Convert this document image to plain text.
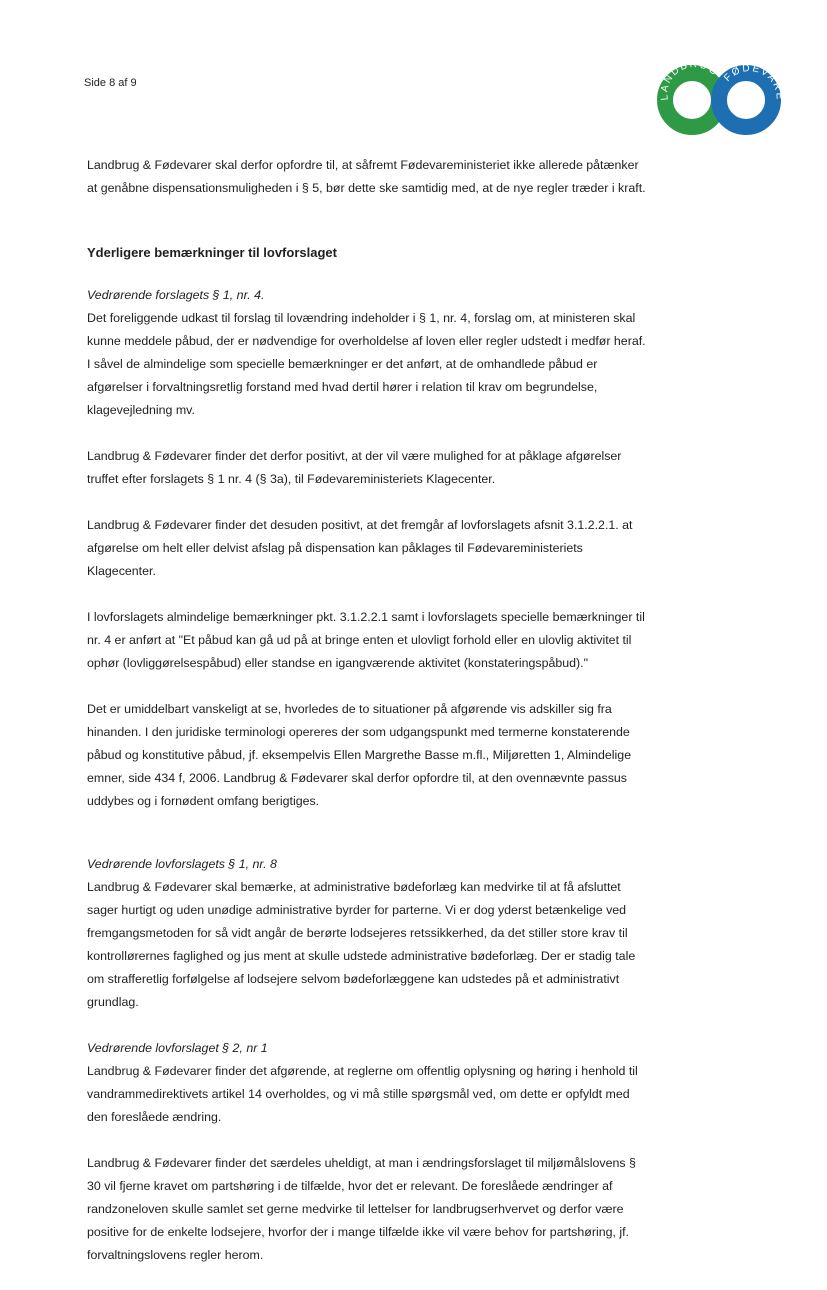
Side 8 af 9
LANDBRUG FØDEVA

Landbrug & Fødevarer skal derfor opfordre til, at såfremt Fødevareministeriet ikke allerede påtænker at genåbne dispensationsmuligheden i § 5, bør dette ske samtidig med, at de nye regler træder i kraft.

Yderligere bemærkninger til lovforslaget
Vedrørende forslagets § 1, nr. 4.

Det foreliggende udkast til forslag til lovændring indeholder i § 1, nr. 4, forslag om, at ministeren skal kunne meddele påbud, der er nødvendige for overholdelse af loven eller regler udstedt i medfør heraf. I såvel de almindelige som specielle bemærkninger er det anført, at de omhandlede påbud er afgørelser i forvaltningsretlig forstand med hvad dertil hører i relation til krav om begrundelse, klagevejledning mv.

Landbrug & Fødevarer finder det derfor positivt, at der vil være mulighed for at påklage afgørelser truffet efter forslagets § 1 nr. 4 (§ 3a), til Fødevareministeriets Klagecenter.

Landbrug & Fødevarer finder det desuden positivt, at det fremgår af lovforslagets afsnit 3.1.2.2.1. at afgørelse om helt eller delvist afslag på dispensation kan påklages til Fødevareministeriets Klagecenter.

I lovforslagets almindelige bemærkninger pkt. 3.1.2.2.1 samt i lovforslagets specielle bemærkninger til nr. 4 er anført at "Et påbud kan gå ud på at bringe enten et ulovligt forhold eller en ulovlig aktivitet til ophør (lovliggørelsespåbud) eller standse en igangværende aktivitet (konstateringspåbud)."

Det er umiddelbart vanskeligt at se, hvorledes de to situationer på afgørende vis adskiller sig fra hinanden. I den juridiske terminologi opereres der som udgangspunkt med termerne konstaterende påbud og konstitutive påbud, jf. eksempelvis Ellen Margrethe Basse m.fl., Miljøretten 1, Almindelige emner, side 434 f, 2006. Landbrug & Fødevarer skal derfor opfordre til, at den ovennævnte passus uddybes og i fornødent omfang berigtiges.

Vedrørende lovforslagets § 1, nr. 8

Landbrug & Fødevarer skal bemærke, at administrative bødeforlæg kan medvirke til at få afsluttet sager hurtigt og uden unødige administrative byrder for parterne. Vi er dog yderst betænkelige ved fremgangsmetoden for så vidt angår de berørte lodsejeres retssikkerhed, da det stiller store krav til kontrollørernes faglighed og jus ment at skulle udstede administrative bødeforlæg. Der er stadig tale om strafferetlig forfølgelse af lodsejere selvom bødeforlæggene kan udstedes på et administrativt grundlag.

Vedrørende lovforslaget § 2, nr 1

Landbrug & Fødevarer finder det afgørende, at reglerne om offentlig oplysning og høring i henhold til vandrammedirektivets artikel 14 overholdes, og vi må stille spørgsmål ved, om dette er opfyldt med den foreslåede ændring.

Landbrug & Fødevarer finder det særdeles uheldigt, at man i ændringsforslaget til miljømålslovens § 30 vil fjerne kravet om partshøring i de tilfælde, hvor det er relevant. De foreslåede ændringer af randzoneloven skulle samlet set gerne medvirke til lettelser for landbrugserhvervet og derfor være positive for de enkelte lodsejere, hvorfor der i mange tilfælde ikke vil være behov for partshøring, jf. forvaltningslovens regler herom.
